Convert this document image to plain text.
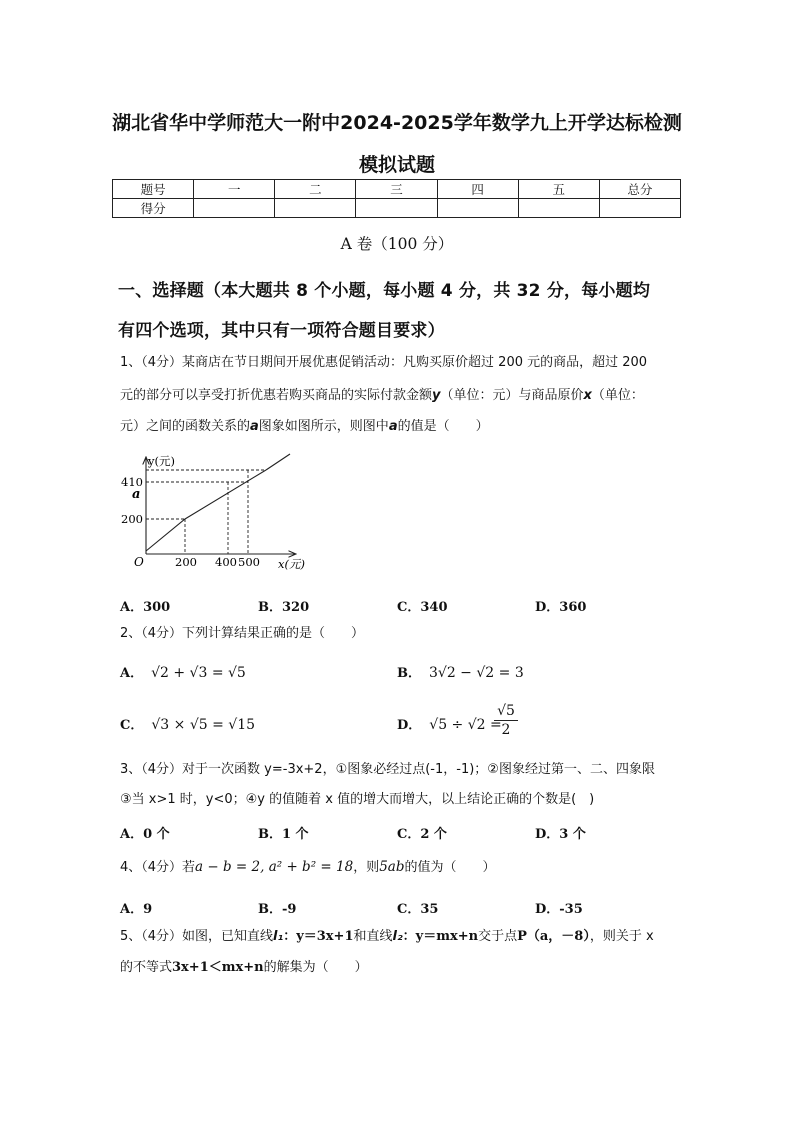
湖北省华中学师范大一附中2024-2025学年数学九上开学达标检测
模拟试题
题号	一	二	三	四	五	总分
得分						
A 卷（100 分）
一、选择题（本大题共 8 个小题，每小题 4 分，共 32 分，每小题均
有四个选项，其中只有一项符合题目要求）
1、（4分）某商店在节日期间开展优惠促销活动：凡购买原价超过 200 元的商品，超过 200
元的部分可以享受打折优惠若购买商品的实际付款金额y（单位：元）与商品原价x（单位：
元）之间的函数关系的a图象如图所示，则图中a的值是（　　）
y(元)
x(元)
O
410
a
200
200 400 500
A．300	B．320	C．340	D．360
2、（4分）下列计算结果正确的是（　　）
A． √2 + √3 = √5	B． 3√2 − √2 = 3
C． √3 × √5 = √15	D． √5 ÷ √2 =
$\frac{√5}{2}$
3、（4分）对于一次函数 y=-3x+2，①图象必经过点(-1，-1)；②图象经过第一、二、四象限
③当 x>1 时，y<0；④y 的值随着 x 值的增大而增大，以上结论正确的个数是(　)
A．0 个	B．1 个	C．2 个	D．3 个
4、（4分）若a − b = 2, a² + b² = 18，则5ab的值为（　　）
A．9	B．-9	C．35	D．-35
5、（4分）如图，已知直线l₁：y＝3x+1和直线l₂：y＝mx+n交于点P（a，－8），则关于 x
的不等式3x+1＜mx+n的解集为（　　）
